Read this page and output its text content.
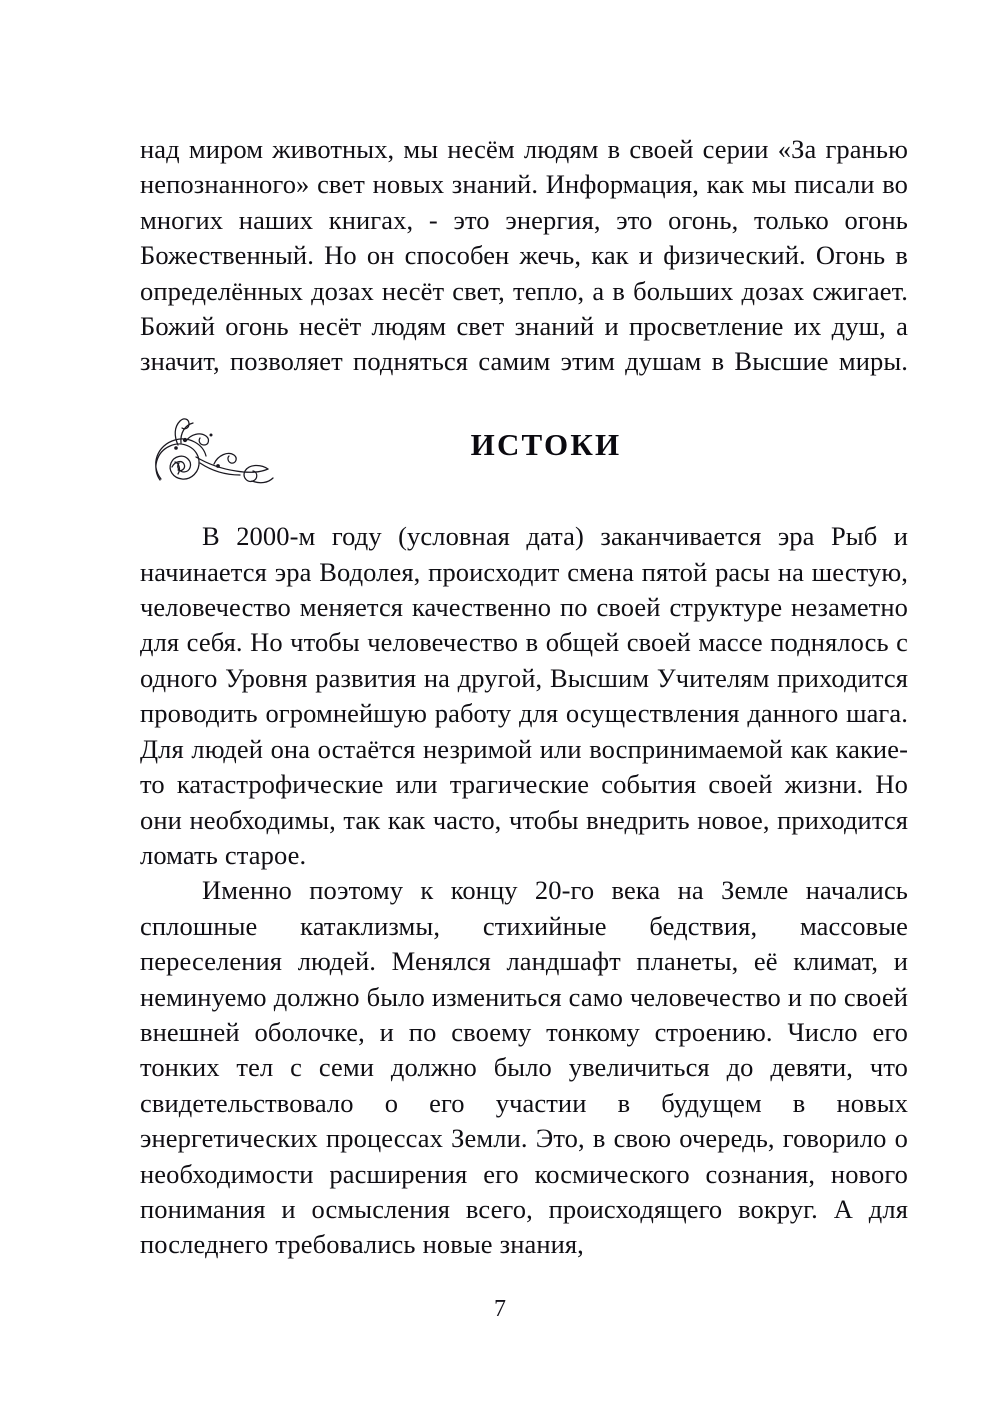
над миром животных, мы несём людям в своей серии «За гранью непознанного» свет новых знаний. Информация, как мы писали во многих наших книгах, - это энергия, это огонь, только огонь Божественный. Но он способен жечь, как и физический. Огонь в определённых дозах несёт свет, тепло, а в больших дозах сжигает. Божий огонь несёт людям свет знаний и просветление их душ, а значит, позволяет подняться самим этим душам в Высшие миры.

ИСТОКИ

В 2000-м году (условная дата) заканчивается эра Рыб и начинается эра Водолея, происходит смена пятой расы на шестую, человечество меняется качественно по своей структуре незаметно для себя. Но чтобы человечество в общей своей массе поднялось с одного Уровня развития на другой, Высшим Учителям приходится проводить огромнейшую работу для осуществления данного шага. Для людей она остаётся незримой или воспринимаемой как какие-то катастрофические или трагические события своей жизни. Но они необходимы, так как часто, чтобы внедрить новое, приходится ломать старое.

Именно поэтому к концу 20-го века на Земле начались сплошные катаклизмы, стихийные бедствия, массовые переселения людей. Менялся ландшафт планеты, её климат, и неминуемо должно было измениться само человечество и по своей внешней оболочке, и по своему тонкому строению. Число его тонких тел с семи должно было увеличиться до девяти, что свидетельствовало о его участии в будущем в новых энергетических процессах Земли. Это, в свою очередь, говорило о необходимости расширения его космического сознания, нового понимания и осмысления всего, происходящего вокруг. А для последнего требовались новые знания,

7
